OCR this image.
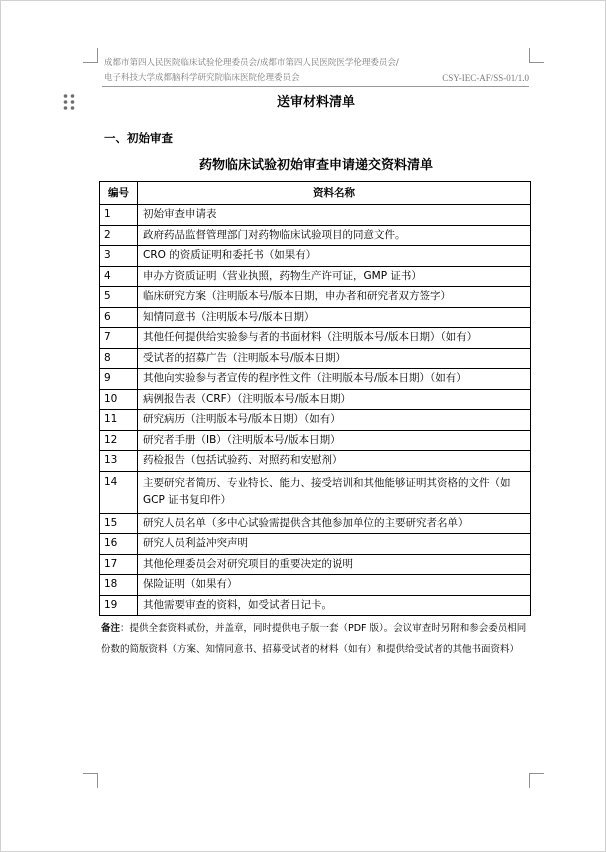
成都市第四人民医院临床试验伦理委员会/成都市第四人民医院医学伦理委员会/
电子科技大学成都脑科学研究院临床医院伦理委员会	CSY-IEC-AF/SS-01/1.0
送审材料清单
一、初始审查
药物临床试验初始审查申请递交资料清单
编号	资料名称
1	初始审查申请表
2	政府药品监督管理部门对药物临床试验项目的同意文件。
3	CRO 的资质证明和委托书（如果有）
4	申办方资质证明（营业执照，药物生产许可证，GMP 证书）
5	临床研究方案（注明版本号/版本日期，申办者和研究者双方签字）
6	知情同意书（注明版本号/版本日期）
7	其他任何提供给实验参与者的书面材料（注明版本号/版本日期）（如有）
8	受试者的招募广告（注明版本号/版本日期）
9	其他向实验参与者宣传的程序性文件（注明版本号/版本日期）（如有）
10	病例报告表（CRF）（注明版本号/版本日期）
11	研究病历（注明版本号/版本日期）（如有）
12	研究者手册（IB）（注明版本号/版本日期）
13	药检报告（包括试验药、对照药和安慰剂）
14	主要研究者简历、专业特长、能力、接受培训和其他能够证明其资格的文件（如 GCP 证书复印件）
15	研究人员名单（多中心试验需提供含其他参加单位的主要研究者名单）
16	研究人员利益冲突声明
17	其他伦理委员会对研究项目的重要决定的说明
18	保险证明（如果有）
19	其他需要审查的资料，如受试者日记卡。
备注：提供全套资料贰份，并盖章，同时提供电子版一套（PDF 版）。会议审查时另附和参会委员相同份数的简版资料（方案、知情同意书、招募受试者的材料（如有）和提供给受试者的其他书面资料）
